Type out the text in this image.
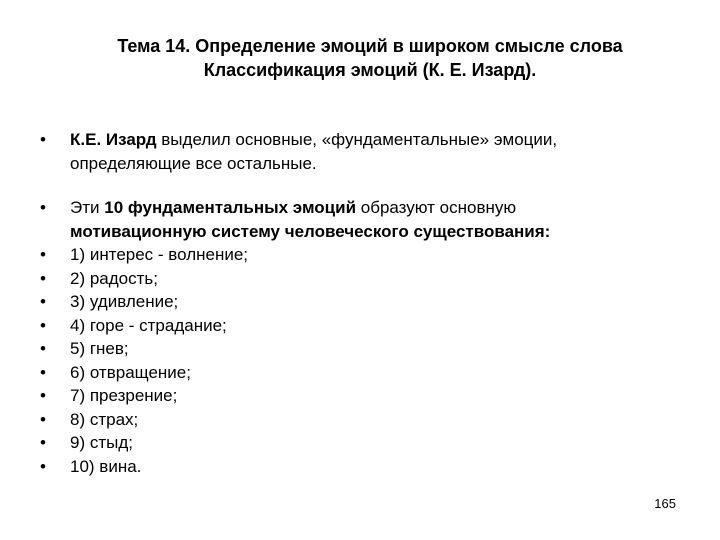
Тема 14. Определение эмоций в широком смысле слова
Классификация эмоций (К. Е. Изард).
•	К.Е. Изард выделил основные, «фундаментальные» эмоции,
определяющие все остальные.
•	Эти 10 фундаментальных эмоций образуют основную
мотивационную систему человеческого существования:
•	1) интерес - волнение;
•	2) радость;
•	3) удивление;
•	4) горе - страдание;
•	5) гнев;
•	6) отвращение;
•	7) презрение;
•	8) страх;
•	9) стыд;
•	10) вина.
165
